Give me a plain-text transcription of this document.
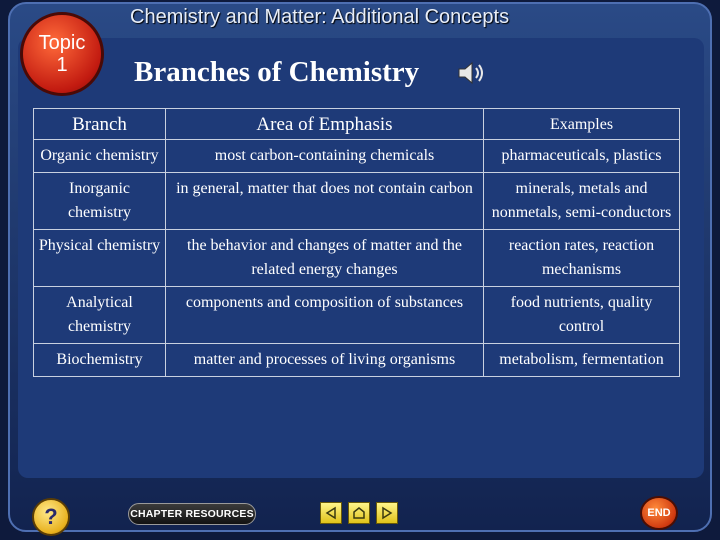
Chemistry and Matter: Additional Concepts
Topic
1 Branches of Chemistry
Branch	Area of Emphasis	Examples
Organic chemistry	most carbon-containing chemicals	pharmaceuticals, plastics
Inorganic chemistry	in general, matter that does not contain carbon	minerals, metals and nonmetals, semi-conductors
Physical chemistry	the behavior and changes of matter and the related energy changes	reaction rates, reaction mechanisms
Analytical chemistry	components and composition of substances	food nutrients, quality control
Biochemistry	matter and processes of living organisms	metabolism, fermentation
?	CHAPTER RESOURCES	END
